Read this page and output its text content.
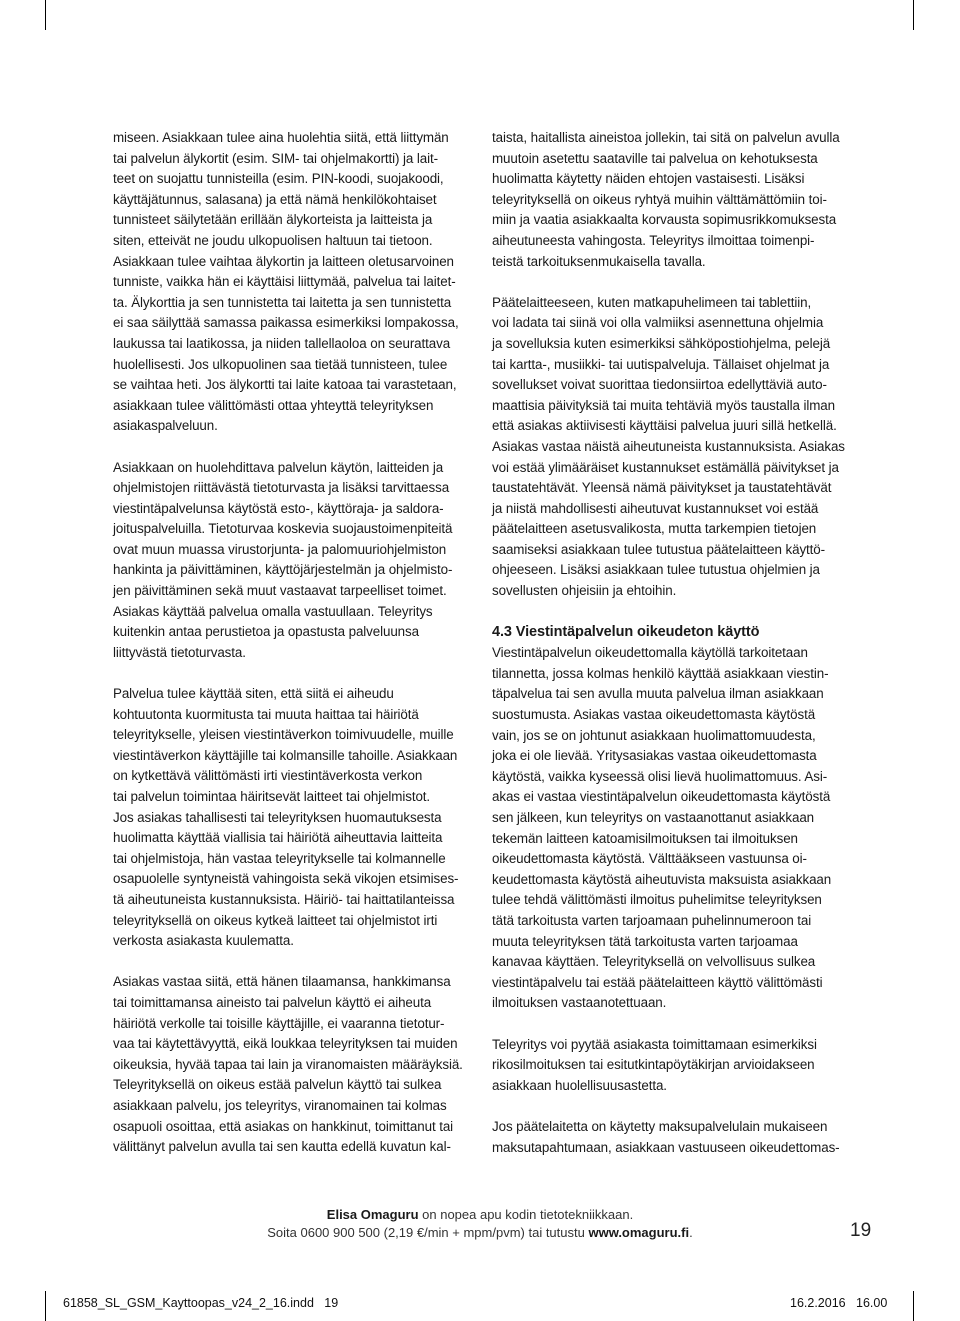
miseen. Asiakkaan tulee aina huolehtia siitä, että liittymän
tai palvelun älykortit (esim. SIM- tai ohjelmakortti) ja lait-
teet on suojattu tunnisteilla (esim. PIN-koodi, suojakoodi,
käyttäjätunnus, salasana) ja että nämä henkilökohtaiset
tunnisteet säilytetään erillään älykorteista ja laitteista ja
siten, etteivät ne joudu ulkopuolisen haltuun tai tietoon.
Asiakkaan tulee vaihtaa älykortin ja laitteen oletusarvoinen
tunniste, vaikka hän ei käyttäisi liittymää, palvelua tai laitet-
ta. Älykorttia ja sen tunnistetta tai laitetta ja sen tunnistetta
ei saa säilyttää samassa paikassa esimerkiksi lompakossa,
laukussa tai laatikossa, ja niiden tallellaoloa on seurattava
huolellisesti. Jos ulkopuolinen saa tietää tunnisteen, tulee
se vaihtaa heti. Jos älykortti tai laite katoaa tai varastetaan,
asiakkaan tulee välittömästi ottaa yhteyttä teleyrityksen
asiakaspalveluun.

Asiakkaan on huolehdittava palvelun käytön, laitteiden ja
ohjelmistojen riittävästä tietoturvasta ja lisäksi tarvittaessa
viestintäpalvelunsa käytöstä esto-, käyttöraja- ja saldora-
joituspalveluilla. Tietoturvaa koskevia suojaustoimenpiteitä
ovat muun muassa virustorjunta- ja palomuuriohjelmiston
hankinta ja päivittäminen, käyttöjärjestelmän ja ohjelmisto-
jen päivittäminen sekä muut vastaavat tarpeelliset toimet.
Asiakas käyttää palvelua omalla vastuullaan. Teleyritys
kuitenkin antaa perustietoa ja opastusta palveluunsa
liittyvästä tietoturvasta.

Palvelua tulee käyttää siten, että siitä ei aiheudu
kohtuutonta kuormitusta tai muuta haittaa tai häiriötä
teleyritykselle, yleisen viestintäverkon toimivuudelle, muille
viestintäverkon käyttäjille tai kolmansille tahoille. Asiakkaan
on kytkettävä välittömästi irti viestintäverkosta verkon
tai palvelun toimintaa häiritsevät laitteet tai ohjelmistot.
Jos asiakas tahallisesti tai teleyrityksen huomautuksesta
huolimatta käyttää viallisia tai häiriötä aiheuttavia laitteita
tai ohjelmistoja, hän vastaa teleyritykselle tai kolmannelle
osapuolelle syntyneistä vahingoista sekä vikojen etsimises-
tä aiheutuneista kustannuksista. Häiriö- tai haittatilanteissa
teleyrityksellä on oikeus kytkeä laitteet tai ohjelmistot irti
verkosta asiakasta kuulematta.

Asiakas vastaa siitä, että hänen tilaamansa, hankkimansa
tai toimittamansa aineisto tai palvelun käyttö ei aiheuta
häiriötä verkolle tai toisille käyttäjille, ei vaaranna tietotur-
vaa tai käytettävyyttä, eikä loukkaa teleyrityksen tai muiden
oikeuksia, hyvää tapaa tai lain ja viranomaisten määräyksiä.
Teleyrityksellä on oikeus estää palvelun käyttö tai sulkea
asiakkaan palvelu, jos teleyritys, viranomainen tai kolmas
osapuoli osoittaa, että asiakas on hankkinut, toimittanut tai
välittänyt palvelun avulla tai sen kautta edellä kuvatun kal-

taista, haitallista aineistoa jollekin, tai sitä on palvelun avulla
muutoin asetettu saataville tai palvelua on kehotuksesta
huolimatta käytetty näiden ehtojen vastaisesti. Lisäksi
teleyrityksellä on oikeus ryhtyä muihin välttämättömiin toi-
miin ja vaatia asiakkaalta korvausta sopimusrikkomuksesta
aiheutuneesta vahingosta. Teleyritys ilmoittaa toimenpi-
teistä tarkoituksenmukaisella tavalla.

Päätelaitteeseen, kuten matkapuhelimeen tai tablettiin,
voi ladata tai siinä voi olla valmiiksi asennettuna ohjelmia
ja sovelluksia kuten esimerkiksi sähköpostiohjelma, pelejä
tai kartta-, musiikki- tai uutispalveluja. Tällaiset ohjelmat ja
sovellukset voivat suorittaa tiedonsiirtoa edellyttäviä auto-
maattisia päivityksiä tai muita tehtäviä myös taustalla ilman
että asiakas aktiivisesti käyttäisi palvelua juuri sillä hetkellä.
Asiakas vastaa näistä aiheutuneista kustannuksista. Asiakas
voi estää ylimääräiset kustannukset estämällä päivitykset ja
taustatehtävät. Yleensä nämä päivitykset ja taustatehtävät
ja niistä mahdollisesti aiheutuvat kustannukset voi estää
päätelaitteen asetusvalikosta, mutta tarkempien tietojen
saamiseksi asiakkaan tulee tutustua päätelaitteen käyttö-
ohjeeseen. Lisäksi asiakkaan tulee tutustua ohjelmien ja
sovellusten ohjeisiin ja ehtoihin.

4.3 Viestintäpalvelun oikeudeton käyttö

Viestintäpalvelun oikeudettomalla käytöllä tarkoitetaan
tilannetta, jossa kolmas henkilö käyttää asiakkaan viestin-
täpalvelua tai sen avulla muuta palvelua ilman asiakkaan
suostumusta. Asiakas vastaa oikeudettomasta käytöstä
vain, jos se on johtunut asiakkaan huolimattomuudesta,
joka ei ole lievää. Yritysasiakas vastaa oikeudettomasta
käytöstä, vaikka kyseessä olisi lievä huolimattomuus. Asi-
akas ei vastaa viestintäpalvelun oikeudettomasta käytöstä
sen jälkeen, kun teleyritys on vastaanottanut asiakkaan
tekemän laitteen katoamisilmoituksen tai ilmoituksen
oikeudettomasta käytöstä. Välttääkseen vastuunsa oi-
keudettomasta käytöstä aiheutuvista maksuista asiakkaan
tulee tehdä välittömästi ilmoitus puhelimitse teleyrityksen
tätä tarkoitusta varten tarjoamaan puhelinnumeroon tai
muuta teleyrityksen tätä tarkoitusta varten tarjoamaa
kanavaa käyttäen. Teleyrityksellä on velvollisuus sulkea
viestintäpalvelu tai estää päätelaitteen käyttö välittömästi
ilmoituksen vastaanotettuaan.

Teleyritys voi pyytää asiakasta toimittamaan esimerkiksi
rikosilmoituksen tai esitutkintapöytäkirjan arvioidakseen
asiakkaan huolellisuusastetta.

Jos päätelaitetta on käytetty maksupalvelulain mukaiseen
maksutapahtumaan, asiakkaan vastuuseen oikeudettomas-

Elisa Omaguru on nopea apu kodin tietotekniikkaan.
Soita 0600 900 500 (2,19 €/min + mpm/pvm) tai tutustu www.omaguru.fi.	19
61858_SL_GSM_Kayttoopas_v24_2_16.indd   19	16.2.2016   16.00
